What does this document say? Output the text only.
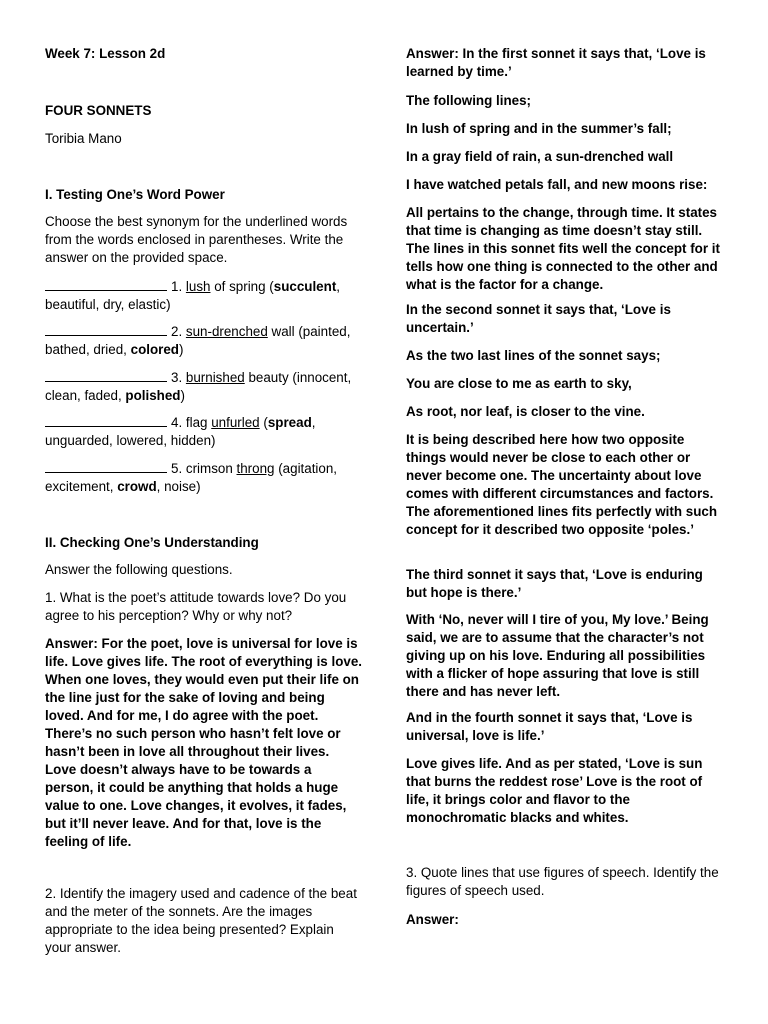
Week 7: Lesson 2d

FOUR SONNETS

Toribia Mano

I. Testing One’s Word Power

Choose the best synonym for the underlined words from the words enclosed in parentheses. Write the answer on the provided space.

1. lush of spring (succulent, beautiful, dry, elastic)

2. sun-drenched wall (painted, bathed, dried, colored)

3. burnished beauty (innocent, clean, faded, polished)

4. flag unfurled (spread, unguarded, lowered, hidden)

5. crimson throng (agitation, excitement, crowd, noise)

II. Checking One’s Understanding

Answer the following questions.

1. What is the poet’s attitude towards love? Do you agree to his perception? Why or why not?

Answer: For the poet, love is universal for love is life. Love gives life. The root of everything is love. When one loves, they would even put their life on the line just for the sake of loving and being loved. And for me, I do agree with the poet. There’s no such person who hasn’t felt love or hasn’t been in love all throughout their lives. Love doesn’t always have to be towards a person, it could be anything that holds a huge value to one. Love changes, it evolves, it fades, but it’ll never leave. And for that, love is the feeling of life.

2. Identify the imagery used and cadence of the beat and the meter of the sonnets. Are the images appropriate to the idea being presented? Explain your answer.

Answer: In the first sonnet it says that, ‘Love is learned by time.’

The following lines;

In lush of spring and in the summer’s fall;

In a gray field of rain, a sun-drenched wall

I have watched petals fall, and new moons rise:

All pertains to the change, through time. It states that time is changing as time doesn’t stay still. The lines in this sonnet fits well the concept for it tells how one thing is connected to the other and what is the factor for a change.

In the second sonnet it says that, ‘Love is uncertain.’

As the two last lines of the sonnet says;

You are close to me as earth to sky,

As root, nor leaf, is closer to the vine.

It is being described here how two opposite things would never be close to each other or never become one. The uncertainty about love comes with different circumstances and factors. The aforementioned lines fits perfectly with such concept for it described two opposite ‘poles.’

The third sonnet it says that, ‘Love is enduring but hope is there.’

With ‘No, never will I tire of you, My love.’ Being said, we are to assume that the character’s not giving up on his love. Enduring all possibilities with a flicker of hope assuring that love is still there and has never left.

And in the fourth sonnet it says that, ‘Love is universal, love is life.’

Love gives life. And as per stated, ‘Love is sun that burns the reddest rose’ Love is the root of life, it brings color and flavor to the monochromatic blacks and whites.

3. Quote lines that use figures of speech. Identify the figures of speech used.

Answer:
